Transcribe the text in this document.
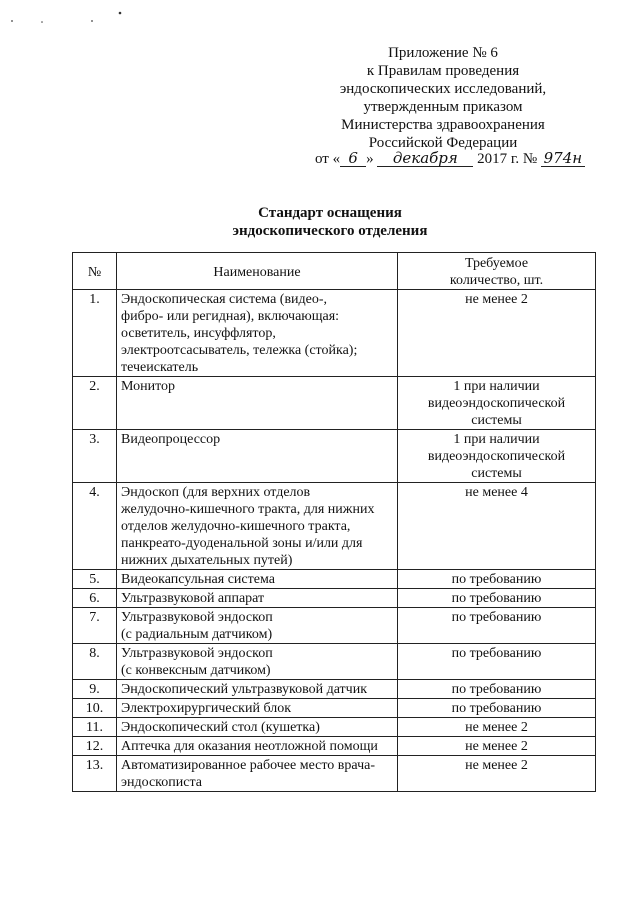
Приложение № 6
к Правилам проведения
эндоскопических исследований,
утвержденным приказом
Министерства здравоохранения
Российской Федерации
от « 6 » декабря 2017 г. № 974н
Стандарт оснащения
эндоскопического отделения
№	Наименование	Требуемое
количество, шт.
1.	Эндоскопическая система (видео-,
фибро- или регидная), включающая:
осветитель, инсуффлятор,
электроотсасыватель, тележка (стойка);
течеискатель	не менее 2
2.	Монитор	1 при наличии
видеоэндоскопической
системы
3.	Видеопроцессор	1 при наличии
видеоэндоскопической
системы
4.	Эндоскоп (для верхних отделов
желудочно-кишечного тракта, для нижних
отделов желудочно-кишечного тракта,
панкреато-дуоденальной зоны и/или для
нижних дыхательных путей)	не менее 4
5.	Видеокапсульная система	по требованию
6.	Ультразвуковой аппарат	по требованию
7.	Ультразвуковой эндоскоп
(с радиальным датчиком)	по требованию
8.	Ультразвуковой эндоскоп
(с конвексным датчиком)	по требованию
9.	Эндоскопический ультразвуковой датчик	по требованию
10.	Электрохирургический блок	по требованию
11.	Эндоскопический стол (кушетка)	не менее 2
12.	Аптечка для оказания неотложной помощи	не менее 2
13.	Автоматизированное рабочее место врача-
эндоскописта	не менее 2
